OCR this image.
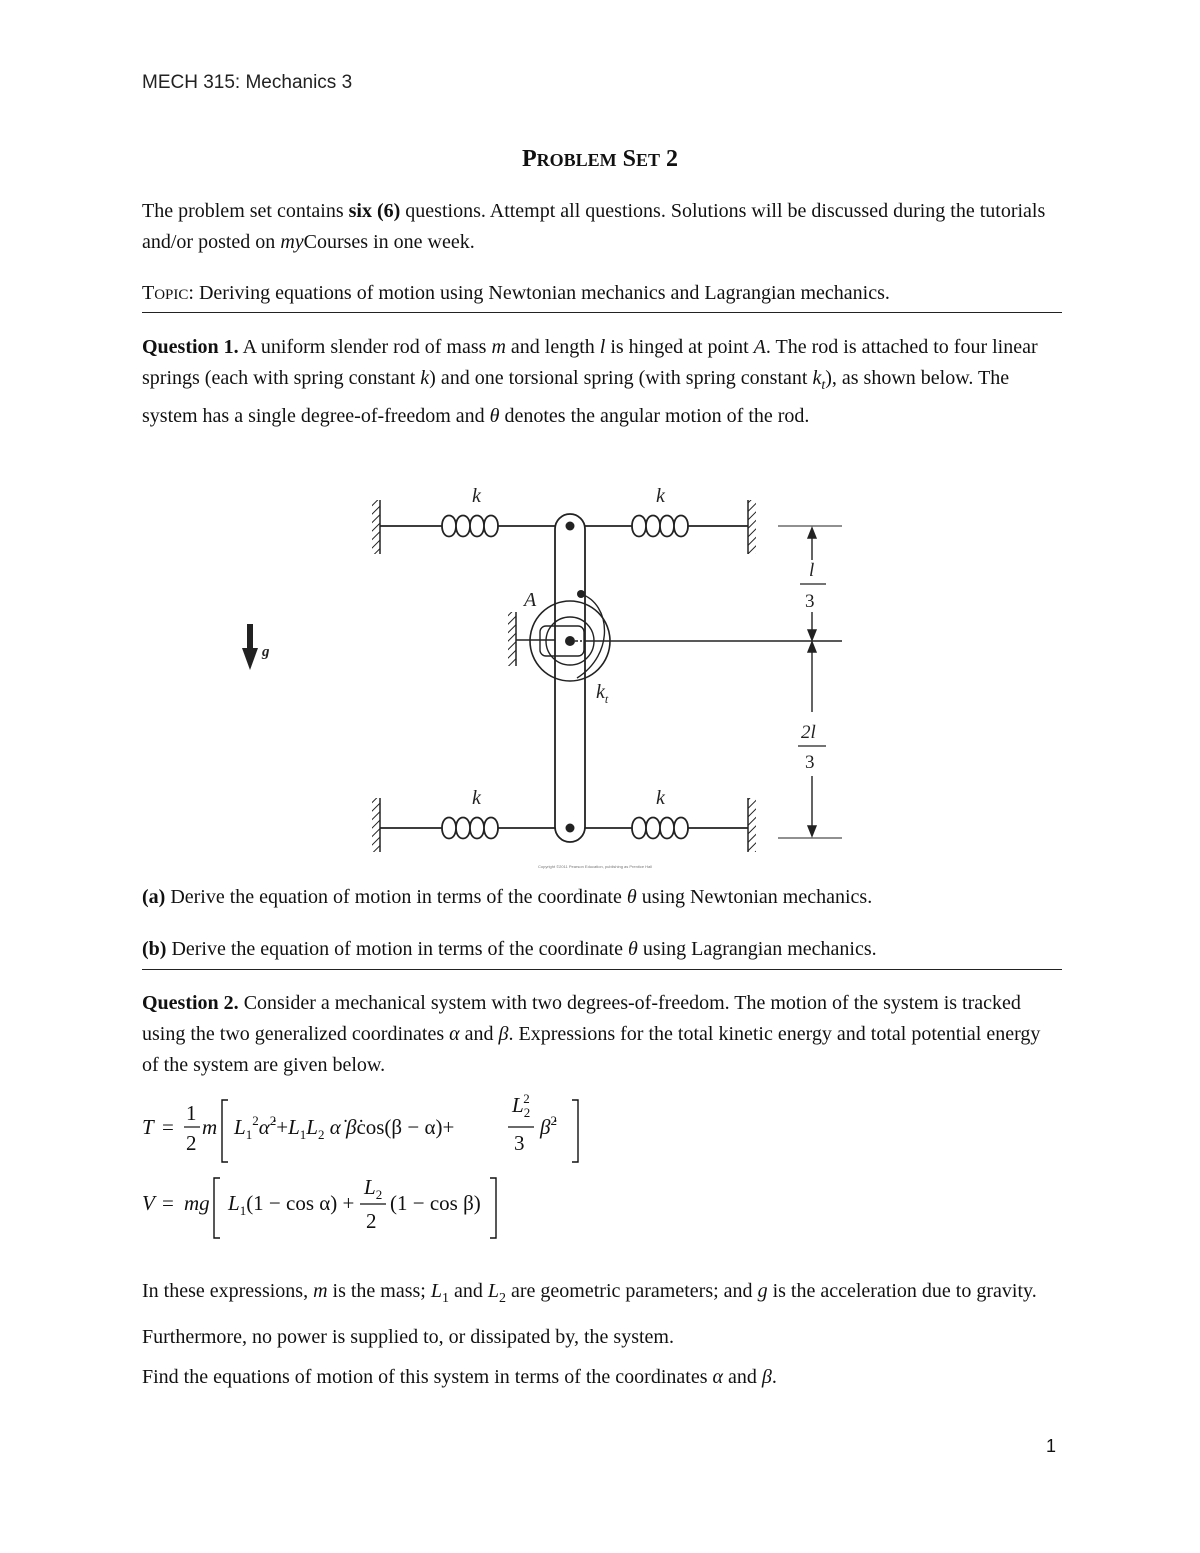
MECH 315: Mechanics 3
PROBLEM SET 2
The problem set contains six (6) questions. Attempt all questions. Solutions will be discussed during the tutorials and/or posted on myCourses in one week.
TOPIC: Deriving equations of motion using Newtonian mechanics and Lagrangian mechanics.
Question 1. A uniform slender rod of mass m and length l is hinged at point A. The rod is attached to four linear springs (each with spring constant k) and one torsional spring (with spring constant $k_t$), as shown below. The system has a single degree-of-freedom and θ denotes the angular motion of the rod.
k	k
k	k
A
$k_t$
g
l
3
2l
3
Copyright ©2011 Pearson Education, publishing as Prentice Hall
(a) Derive the equation of motion in terms of the coordinate θ using Newtonian mechanics.
(b) Derive the equation of motion in terms of the coordinate θ using Lagrangian mechanics.
Question 2. Consider a mechanical system with two degrees-of-freedom. The motion of the system is tracked using the two generalized coordinates α and β. Expressions for the total kinetic energy and total potential energy of the system are given below.
T =
1
2
m $L_1^2\alphȧ^2+L_1L_2$ α̇ β̇cos(β − α)+
$L_22$
3
β̇$^2$
V = mg $L_1(1 - \cos \alpha)$ +
$L_2$
2
(1 − cos β)
In these expressions, m is the mass; $L_1$ and $L_2$ are geometric parameters; and g is the acceleration due to gravity. Furthermore, no power is supplied to, or dissipated by, the system.
Find the equations of motion of this system in terms of the coordinates α and β.
1
